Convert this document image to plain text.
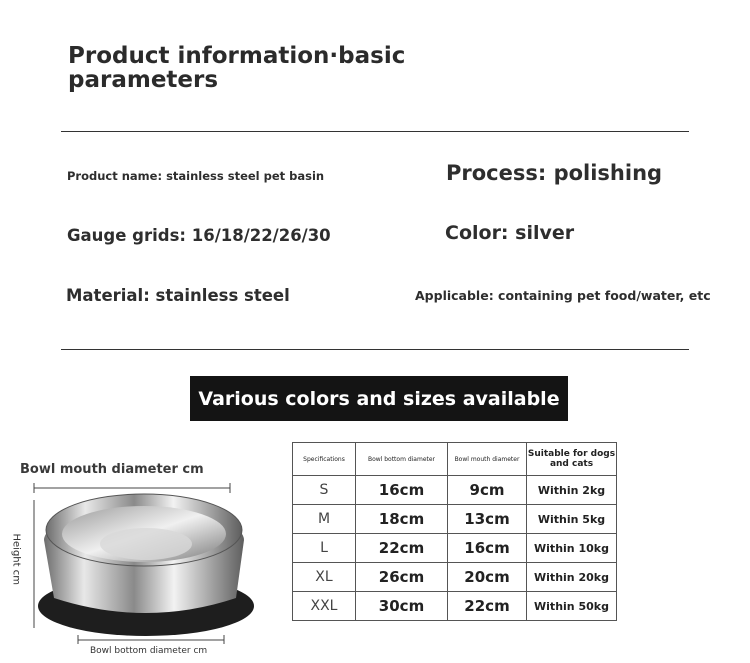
Product information·basic parameters
Product name: stainless steel pet basin	Process: polishing
Gauge grids: 16/18/22/26/30	Color: silver
Material: stainless steel	Applicable: containing pet food/water, etc
Various colors and sizes available
Bowl mouth diameter cm
Height cm
Bowl bottom diameter cm
Specifications	Bowl bottom diameter	Bowl mouth diameter	Suitable for dogs and cats
S	16cm	9cm	Within 2kg
M	18cm	13cm	Within 5kg
L	22cm	16cm	Within 10kg
XL	26cm	20cm	Within 20kg
XXL	30cm	22cm	Within 50kg
